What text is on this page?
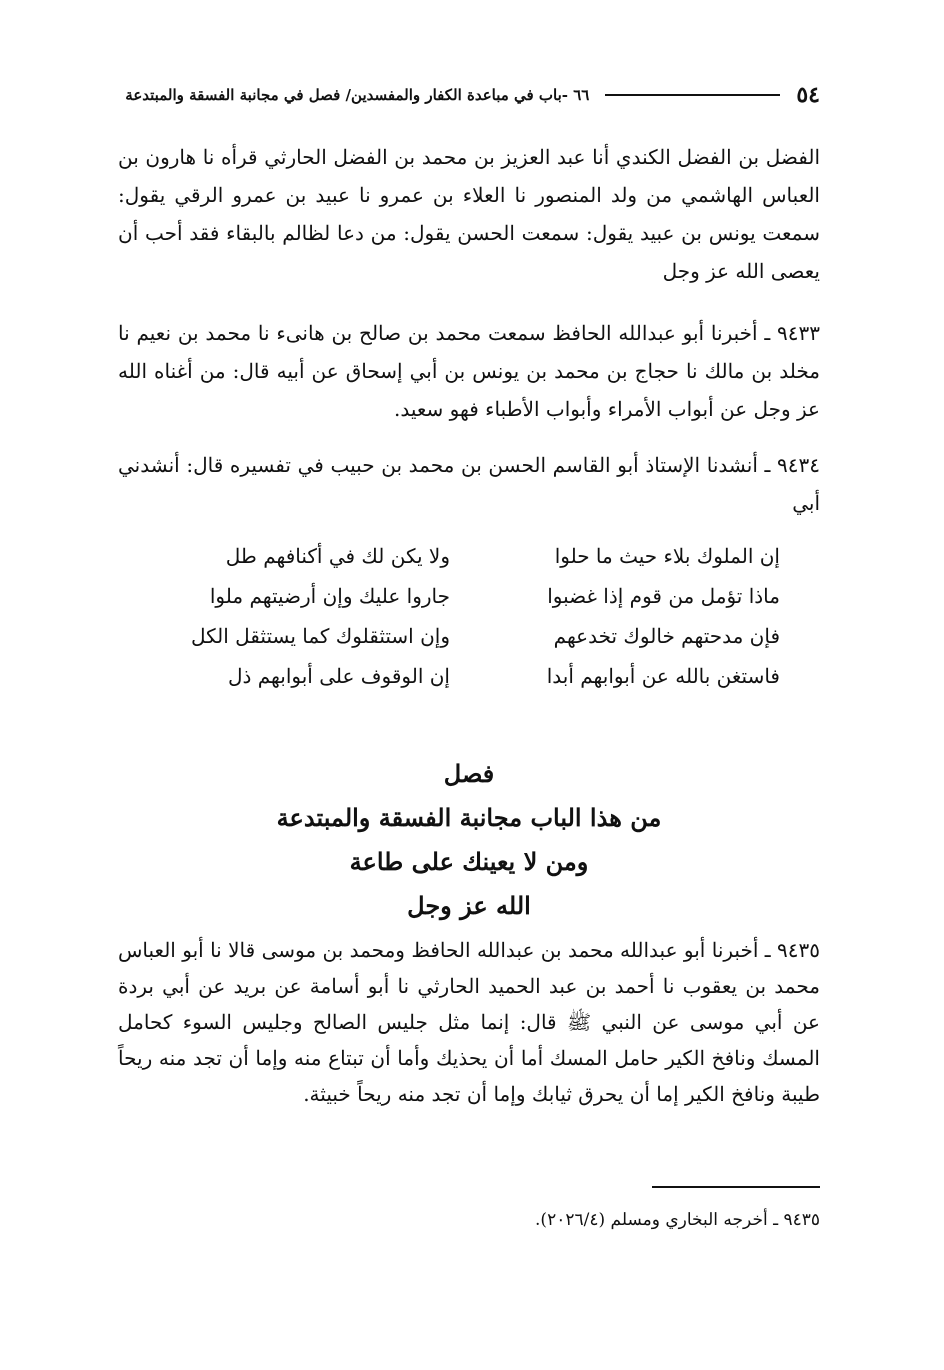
٥٤
٦٦ -باب في مباعدة الكفار والمفسدين/ فصل في مجانبة الفسقة والمبتدعة

الفضل بن الفضل الكندي أنا عبد العزيز بن محمد بن الفضل الحارثي قرأه نا هارون بن العباس الهاشمي من ولد المنصور نا العلاء بن عمرو نا عبيد بن عمرو الرقي يقول: سمعت يونس بن عبيد يقول: سمعت الحسن يقول: من دعا لظالم بالبقاء فقد أحب أن يعصى الله عز وجل

٩٤٣٣ ـ أخبرنا أبو عبدالله الحافظ سمعت محمد بن صالح بن هانىء نا محمد بن نعيم نا مخلد بن مالك نا حجاج بن محمد بن يونس بن أبي إسحاق عن أبيه قال: من أغناه الله عز وجل عن أبواب الأمراء وأبواب الأطباء فهو سعيد.

٩٤٣٤ ـ أنشدنا الإستاذ أبو القاسم الحسن بن محمد بن حبيب في تفسيره قال: أنشدني أبي

إن الملوك بلاء حيث ما حلوا
ولا يكن لك في أكنافهم طل
ماذا تؤمل من قوم إذا غضبوا
جاروا عليك وإن أرضيتهم ملوا
فإن مدحتهم خالوك تخدعهم
وإن استثقلوك كما يستثقل الكل
فاستغن بالله عن أبوابهم أبدا
إن الوقوف على أبوابهم ذل
فصل
من هذا الباب مجانبة الفسقة والمبتدعة
ومن لا يعينك على طاعة
الله عز وجل

٩٤٣٥ ـ أخبرنا أبو عبدالله محمد بن عبدالله الحافظ ومحمد بن موسى قالا نا أبو العباس محمد بن يعقوب نا أحمد بن عبد الحميد الحارثي نا أبو أسامة عن بريد عن أبي بردة عن أبي موسى عن النبي ﷺ قال: إنما مثل جليس الصالح وجليس السوء كحامل المسك ونافخ الكير حامل المسك أما أن يحذيك وأما أن تبتاع منه وإما أن تجد منه ريحاً طيبة ونافخ الكير إما أن يحرق ثيابك وإما أن تجد منه ريحاً خبيثة.

٩٤٣٥ ـ أخرجه البخاري ومسلم (٢٠٢٦/٤).
